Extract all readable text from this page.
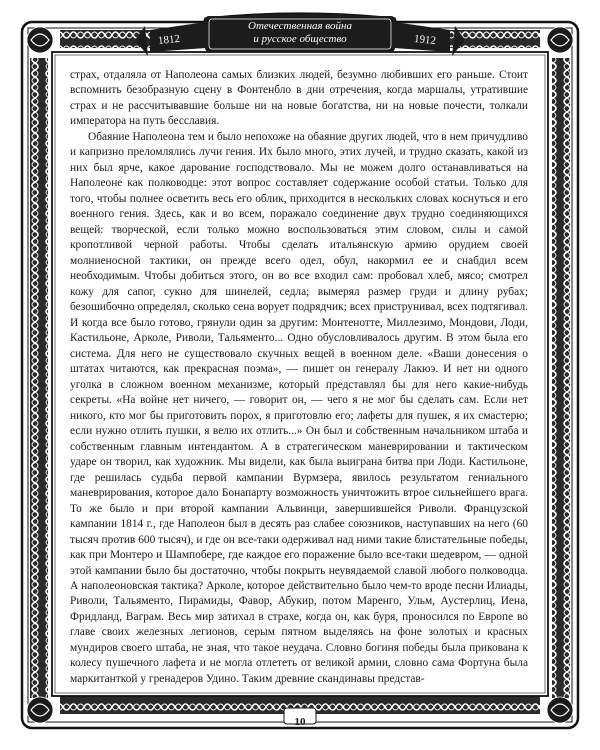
Отечественная война
и русское общество
1812	1912

страх, отдаляла от Наполеона самых близких людей, безумно любивших его раньше. Стоит вспомнить безобразную сцену в Фонтенбло в дни отречения, когда маршалы, утратившие страх и не рассчитывавшие больше ни на новые богатства, ни на новые почести, толкали императора на путь бесславия.

Обаяние Наполеона тем и было непохоже на обаяние других людей, что в нем причудливо и капризно преломлялись лучи гения. Их было много, этих лучей, и трудно сказать, какой из них был ярче, какое дарование господствовало. Мы не можем долго останавливаться на Наполеоне как полководце: этот вопрос составляет содержание особой статьи. Только для того, чтобы полнее осветить весь его облик, приходится в нескольких словах коснуться и его военного гения. Здесь, как и во всем, поражало соединение двух трудно соединяющихся вещей: творческой, если только можно воспользоваться этим словом, силы и самой кропотливой черной работы. Чтобы сделать итальянскую армию орудием своей молниеносной тактики, он прежде всего одел, обул, накормил ее и снабдил всем необходимым. Чтобы добиться этого, он во все входил сам: пробовал хлеб, мясо; смотрел кожу для сапог, сукно для шинелей, седла; вымерял размер груди и длину рубах; безошибочно определял, сколько сена ворует подрядчик; всех приструнивал, всех подтягивал. И когда все было готово, грянули один за другим: Монтенотте, Миллезимо, Мондови, Лоди, Кастильоне, Арколе, Риволи, Тальяменто... Одно обусловливалось другим. В этом была его система. Для него не существовало скучных вещей в военном деле. «Ваши донесения о штатах читаются, как прекрасная поэма», — пишет он генералу Лакюэ. И нет ни одного уголка в сложном военном механизме, который представлял бы для него какие-нибудь секреты. «На войне нет ничего, — говорит он, — чего я не мог бы сделать сам. Если нет никого, кто мог бы приготовить порох, я приготовлю его; лафеты для пушек, я их смастерю; если нужно отлить пушки, я велю их отлить...» Он был и собственным начальником штаба и собственным главным интендантом. А в стратегическом маневрировании и тактическом ударе он творил, как художник. Мы видели, как была выиграна битва при Лоди. Кастильоне, где решилась судьба первой кампании Вурмзера, явилось результатом гениального маневрирования, которое дало Бонапарту возможность уничтожить втрое сильнейшего врага. То же было и при второй кампании Альвинци, завершившейся Риволи. Французской кампании 1814 г., где Наполеон был в десять раз слабее союзников, наступавших на него (60 тысяч против 600 тысяч), и где он все-таки одерживал над ними такие блистательные победы, как при Монтеро и Шампобере, где каждое его поражение было все-таки шедевром, — одной этой кампании было бы достаточно, чтобы покрыть неувядаемой славой любого полководца. А наполеоновская тактика? Арколе, которое действительно было чем-то вроде песни Илиады, Риволи, Тальяменто, Пирамиды, Фавор, Абукир, потом Маренго, Ульм, Аустерлиц, Иена, Фридланд, Ваграм. Весь мир затихал в страхе, когда он, как буря, проносился по Европе во главе своих железных легионов, серым пятном выделяясь на фоне золотых и красных мундиров своего штаба, не зная, что такое неудача. Словно богиня победы была прикована к колесу пушечного лафета и не могла отлететь от великой армии, словно сама Фортуна была маркитанткой у гренадеров Удино. Таким древние скандинавы представ-

10
